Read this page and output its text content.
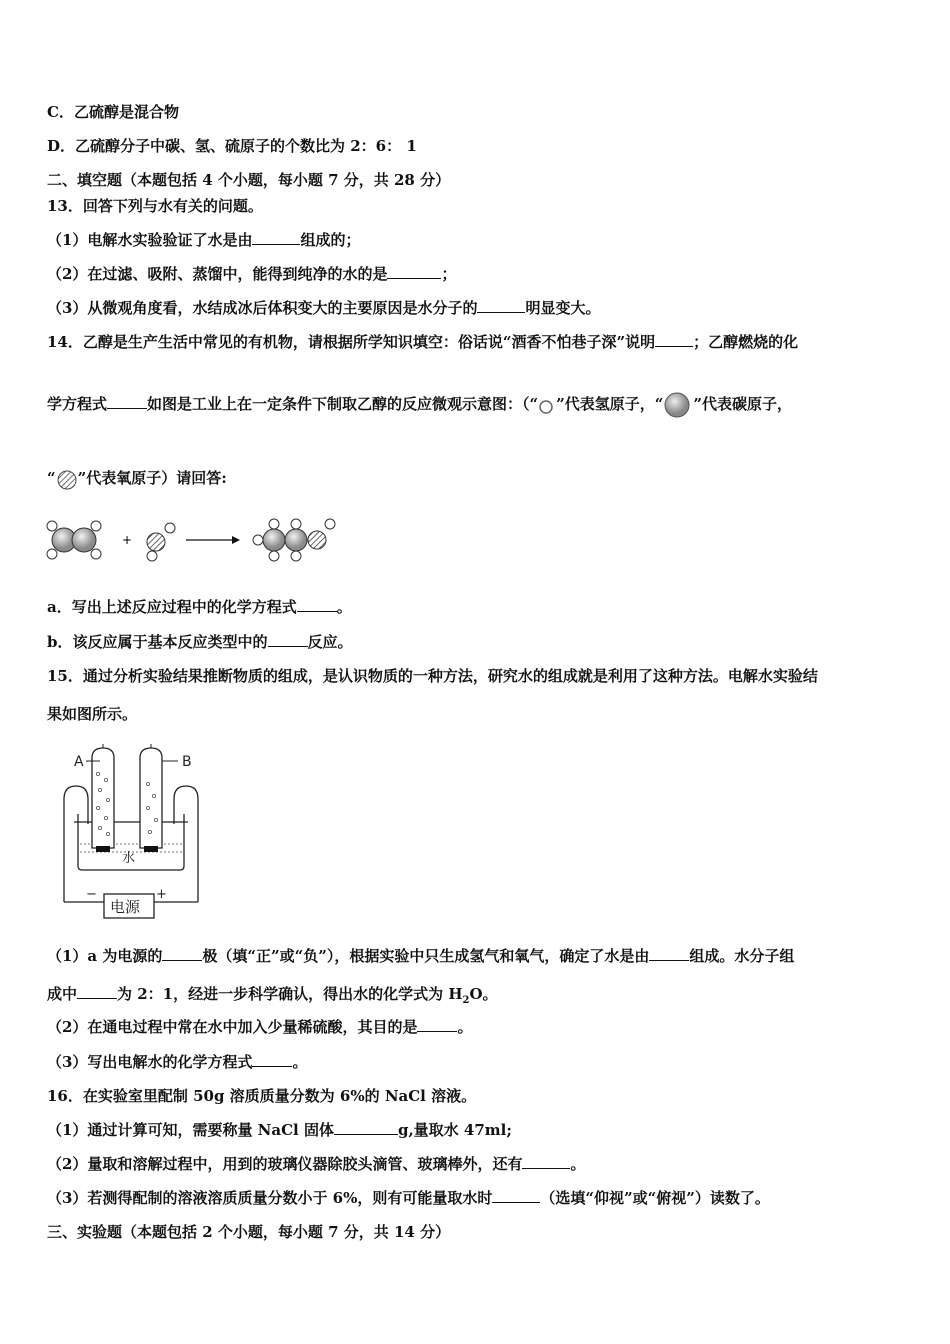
C．乙硫醇是混合物
D．乙硫醇分子中碳、氢、硫原子的个数比为 2：6： 1
二、填空题（本题包括 4 个小题，每小题 7 分，共 28 分）
13．回答下列与水有关的问题。
（1）电解水实验验证了水是由	组成的；
（2）在过滤、吸附、蒸馏中，能得到纯净的水的是	；
（3）从微观角度看，水结成冰后体积变大的主要原因是水分子的	明显变大。
14．乙醇是生产生活中常见的有机物，请根据所学知识填空：俗话说“酒香不怕巷子深”说明	；乙醇燃烧的化
学方程式	如图是工业上在一定条件下制取乙醇的反应微观示意图：（“ ”代表氢原子，“ ”代表碳原子，
“ ”代表氧原子）请回答:
+
a．写出上述反应过程中的化学方程式	。
b．该反应属于基本反应类型中的	反应。
15．通过分析实验结果推断物质的组成，是认识物质的一种方法，研究水的组成就是利用了这种方法。电解水实验结
果如图所示。
水
A	B
电源
−	+
（1）a 为电源的	极（填“正”或“负”），根据实验中只生成氢气和氧气，确定了水是由	组成。水分子组
成中	为 2：1，经进一步科学确认，得出水的化学式为 $H_2O$。
（2）在通电过程中常在水中加入少量稀硫酸，其目的是	。
（3）写出电解水的化学方程式	。
16．在实验室里配制 50g 溶质质量分数为 6%的 NaCl 溶液。
（1）通过计算可知，需要称量 NaCl 固体	g,量取水 47ml;
（2）量取和溶解过程中，用到的玻璃仪器除胶头滴管、玻璃棒外，还有	。
（3）若测得配制的溶液溶质质量分数小于 6%，则有可能量取水时	（选填“仰视”或“俯视”）读数了。
三、实验题（本题包括 2 个小题，每小题 7 分，共 14 分）
